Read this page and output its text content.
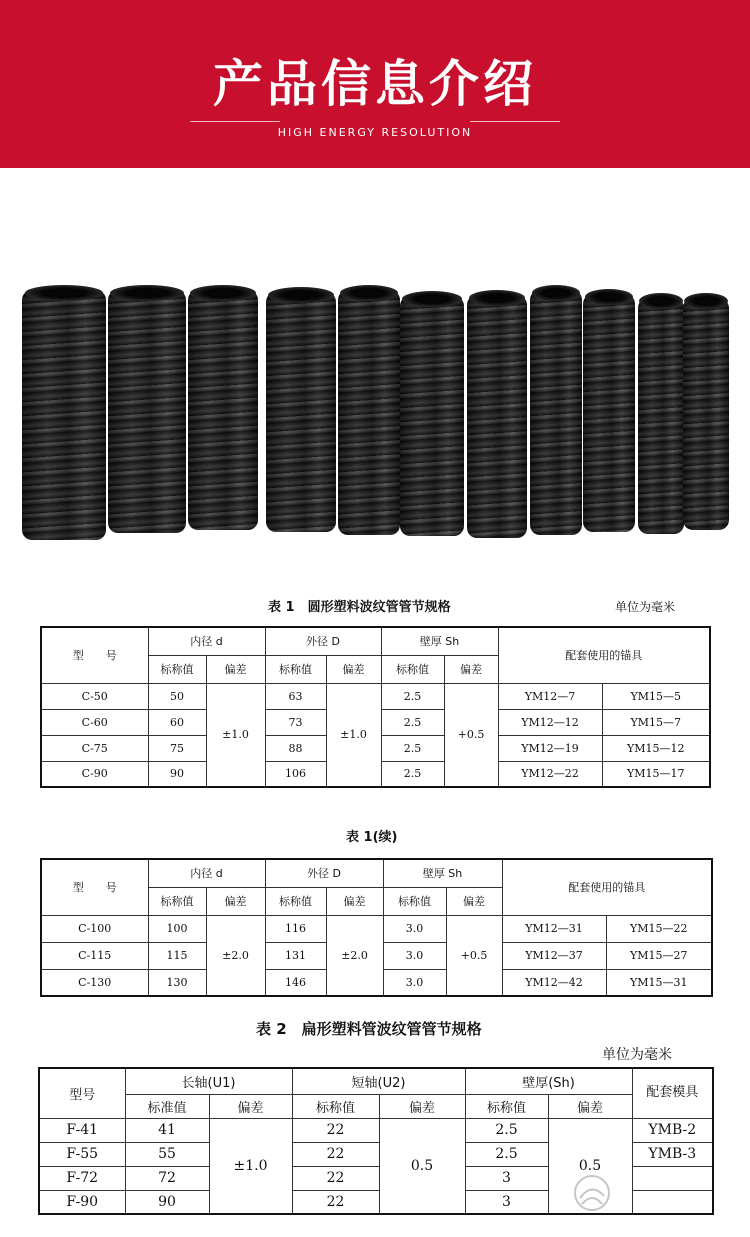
产品信息介绍
HIGH ENERGY RESOLUTION
表 1　圆形塑料波纹管管节规格	单位为毫米
型　　号	内径 d		外径 D		壁厚 Sh		配套使用的锚具	
	标称值	偏差	标称值	偏差	标称值	偏差		
C-50	50	±1.0	63	±1.0	2.5	+0.5	YM12—7	YM15—5
C-60	60		73		2.5		YM12—12	YM15—7
C-75	75		88		2.5		YM12—19	YM15—12
C-90	90		106		2.5		YM12—22	YM15—17
表 1(续)
型　　号	内径 d		外径 D		壁厚 Sh		配套使用的锚具	
	标称值	偏差	标称值	偏差	标称值	偏差		
C-100	100	±2.0	116	±2.0	3.0	+0.5	YM12—31	YM15—22
C-115	115		131		3.0		YM12—37	YM15—27
C-130	130		146		3.0		YM12—42	YM15—31
表 2　扁形塑料管波纹管管节规格
单位为毫米
型号	长轴(U1)		短轴(U2)		壁厚(Sh)		配套模具
	标准值	偏差	标称值	偏差	标称值	偏差	
F-41	41	±1.0	22	0.5	2.5	0.5	YMB-2
F-55	55		22		2.5		YMB-3
F-72	72		22		3		
F-90	90		22		3		
